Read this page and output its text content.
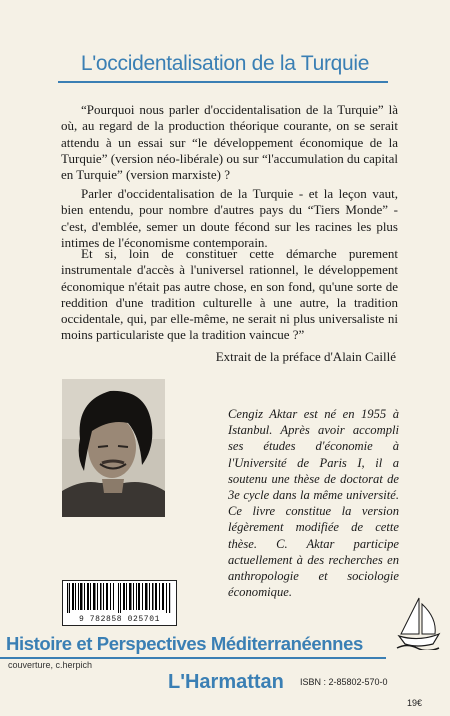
L'occidentalisation de la Turquie
“Pourquoi nous parler d'occidentalisation de la Turquie” là où, au regard de la production théorique courante, on se serait attendu à un essai sur “le développement économique de la Turquie” (version néo-libérale) ou sur “l'accumulation du capital en Turquie” (version marxiste) ?
Parler d'occidentalisation de la Turquie - et la leçon vaut, bien entendu, pour nombre d'autres pays du “Tiers Monde” - c'est, d'emblée, semer un doute fécond sur les racines les plus intimes de l'économisme contemporain.
Et si, loin de constituer cette démarche purement instrumentale d'accès à l'universel rationnel, le développement économique n'était pas autre chose, en son fond, qu'une sorte de reddition d'une tradition culturelle à une autre, la tradition occidentale, qui, par elle-même, ne serait ni plus universaliste ni moins particulariste que la tradition vaincue ?”
Extrait de la préface d'Alain Caillé
Cengiz Aktar est né en 1955 à Istanbul. Après avoir accompli ses études d'économie à l'Université de Paris I, il a soutenu une thèse de doctorat de 3e cycle dans la même université. Ce livre constitue la version légèrement modifiée de cette thèse. C. Aktar participe actuellement à des recherches en anthropologie et sociologie économique.
9 782858 025701
Histoire et Perspectives Méditerranéennes
couverture, c.herpich
L'Harmattan ISBN : 2-85802-570-0
19€
